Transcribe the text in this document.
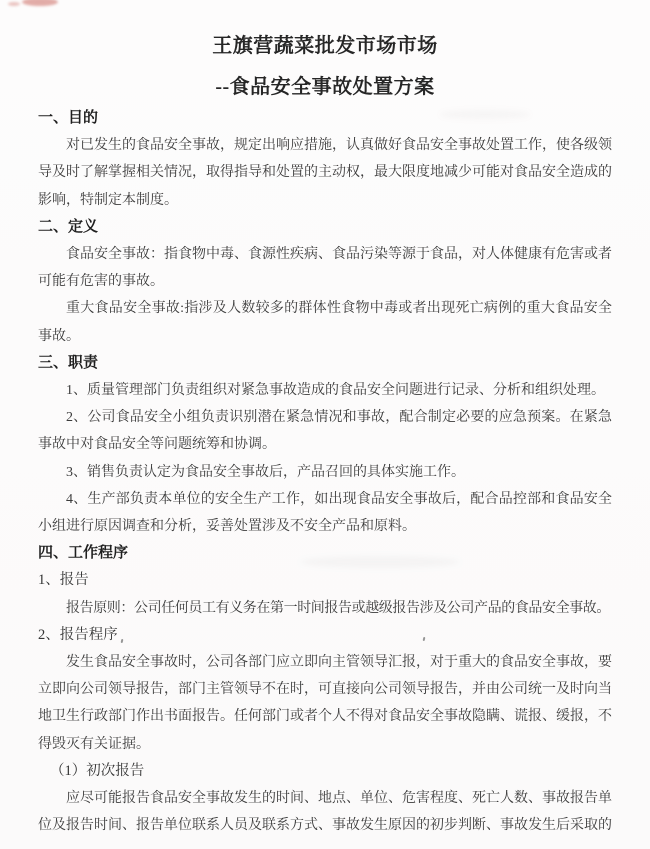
王旗营蔬菜批发市场市场
--食品安全事故处置方案
一、目的
对已发生的食品安全事故，规定出响应措施，认真做好食品安全事故处置工作，使各级领导及时了解掌握相关情况，取得指导和处置的主动权，最大限度地减少可能对食品安全造成的影响，特制定本制度。
二、定义
食品安全事故：指食物中毒、食源性疾病、食品污染等源于食品，对人体健康有危害或者可能有危害的事故。
重大食品安全事故:指涉及人数较多的群体性食物中毒或者出现死亡病例的重大食品安全事故。
三、职责
1、质量管理部门负责组织对紧急事故造成的食品安全问题进行记录、分析和组织处理。
2、公司食品安全小组负责识别潜在紧急情况和事故，配合制定必要的应急预案。在紧急事故中对食品安全等问题统筹和协调。
3、销售负责认定为食品安全事故后，产品召回的具体实施工作。
4、生产部负责本单位的安全生产工作，如出现食品安全事故后，配合品控部和食品安全小组进行原因调查和分析，妥善处置涉及不安全产品和原料。
四、工作程序
1、报告
报告原则：公司任何员工有义务在第一时间报告或越级报告涉及公司产品的食品安全事故。
2、报告程序
发生食品安全事故时，公司各部门应立即向主管领导汇报，对于重大的食品安全事故，要立即向公司领导报告，部门主管领导不在时，可直接向公司领导报告，并由公司统一及时向当地卫生行政部门作出书面报告。任何部门或者个人不得对食品安全事故隐瞒、谎报、缓报，不得毁灭有关证据。
（1）初次报告
应尽可能报告食品安全事故发生的时间、地点、单位、危害程度、死亡人数、事故报告单位及报告时间、报告单位联系人员及联系方式、事故发生原因的初步判断、事故发生后采取的
